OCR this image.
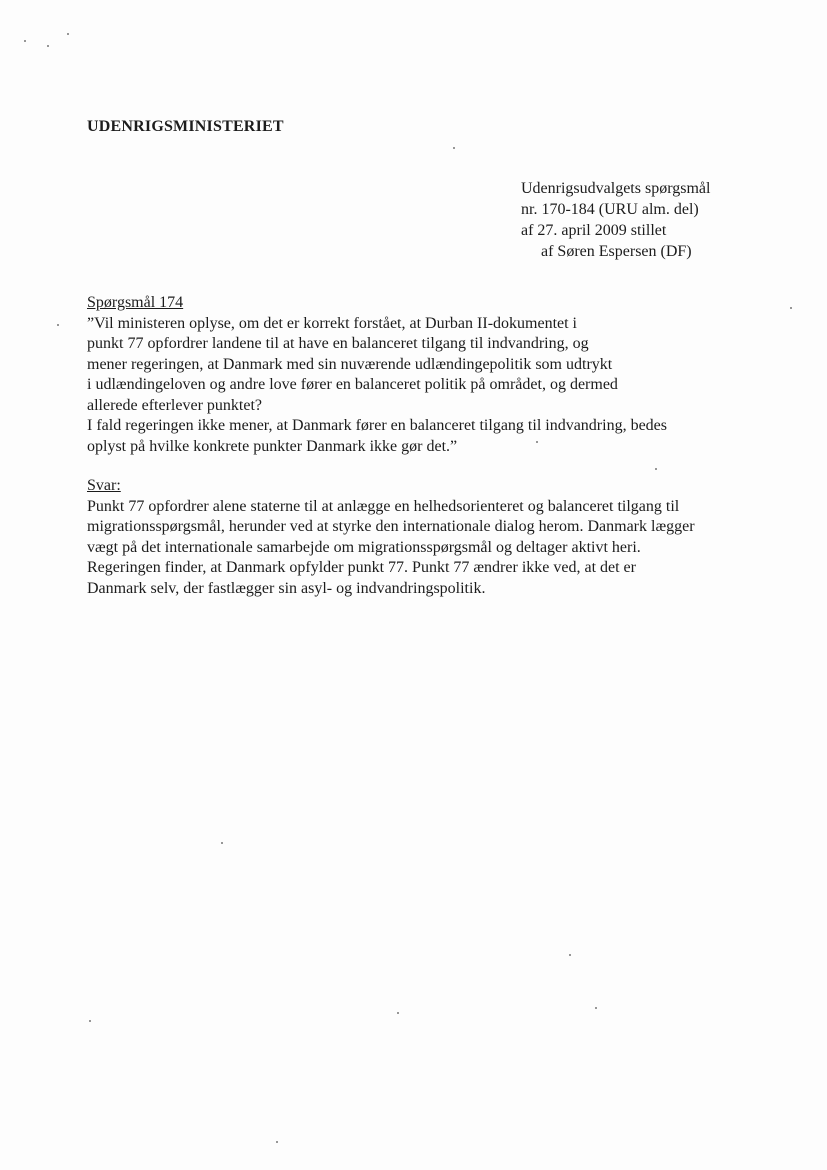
UDENRIGSMINISTERIET
Udenrigsudvalgets spørgsmål
nr. 170-184 (URU alm. del)
af 27. april 2009 stillet
af Søren Espersen (DF)
Spørgsmål 174
”Vil ministeren oplyse, om det er korrekt forstået, at Durban II-dokumentet i
punkt 77 opfordrer landene til at have en balanceret tilgang til indvandring, og
mener regeringen, at Danmark med sin nuværende udlændingepolitik som udtrykt
i udlændingeloven og andre love fører en balanceret politik på området, og dermed
allerede efterlever punktet?
I fald regeringen ikke mener, at Danmark fører en balanceret tilgang til indvandring, bedes
oplyst på hvilke konkrete punkter Danmark ikke gør det.”
Svar:
Punkt 77 opfordrer alene staterne til at anlægge en helhedsorienteret og balanceret tilgang til
migrationsspørgsmål, herunder ved at styrke den internationale dialog herom. Danmark lægger
vægt på det internationale samarbejde om migrationsspørgsmål og deltager aktivt heri.
Regeringen finder, at Danmark opfylder punkt 77. Punkt 77 ændrer ikke ved, at det er
Danmark selv, der fastlægger sin asyl- og indvandringspolitik.
